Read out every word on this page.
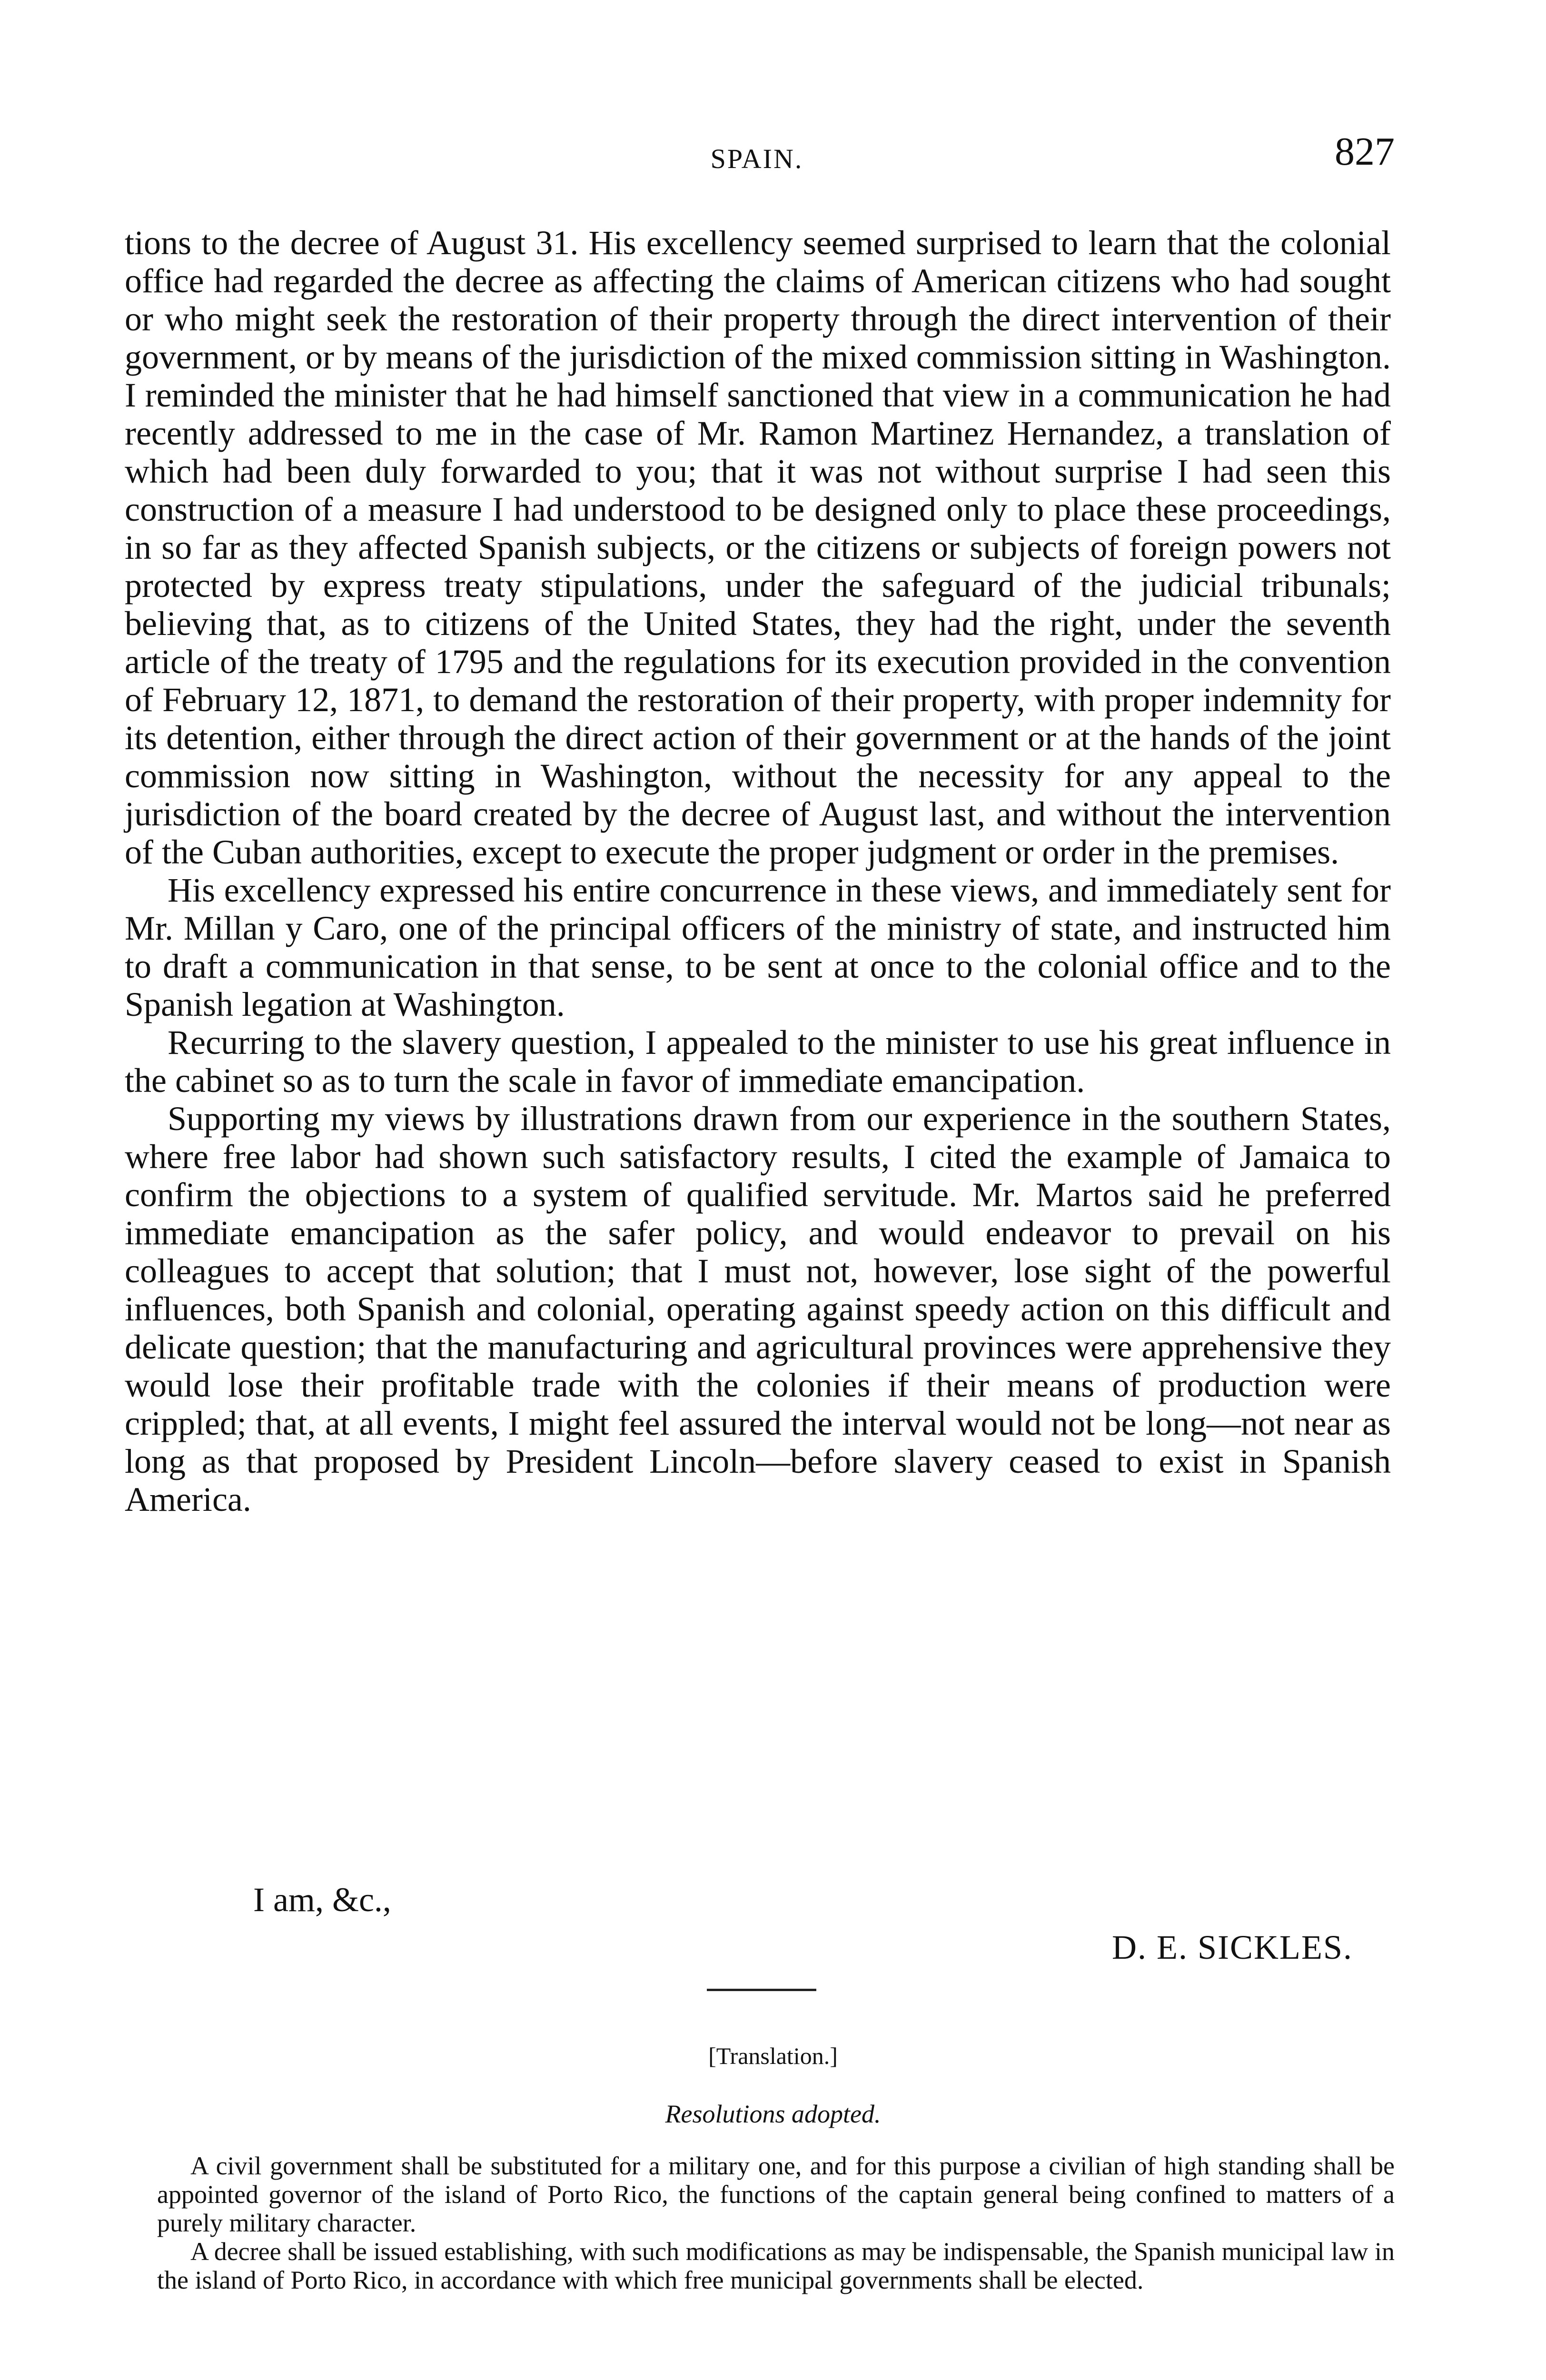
SPAIN.	827

tions to the decree of August 31. His excellency seemed surprised to learn that the colonial office had regarded the decree as affecting the claims of American citizens who had sought or who might seek the restoration of their property through the direct intervention of their government, or by means of the jurisdiction of the mixed commission sitting in Washington. I reminded the minister that he had himself sanctioned that view in a communication he had recently addressed to me in the case of Mr. Ramon Martinez Hernandez, a translation of which had been duly forwarded to you; that it was not without surprise I had seen this construction of a measure I had understood to be designed only to place these proceedings, in so far as they affected Spanish subjects, or the citizens or subjects of foreign powers not protected by express treaty stipulations, under the safeguard of the judicial tribunals; believing that, as to citizens of the United States, they had the right, under the seventh article of the treaty of 1795 and the regulations for its execution provided in the convention of February 12, 1871, to demand the restoration of their property, with proper indemnity for its detention, either through the direct action of their government or at the hands of the joint commission now sitting in Washington, without the necessity for any appeal to the jurisdiction of the board created by the decree of August last, and without the intervention of the Cuban authorities, except to execute the proper judgment or order in the premises.

His excellency expressed his entire concurrence in these views, and immediately sent for Mr. Millan y Caro, one of the principal officers of the ministry of state, and instructed him to draft a communication in that sense, to be sent at once to the colonial office and to the Spanish legation at Washington.

Recurring to the slavery question, I appealed to the minister to use his great influence in the cabinet so as to turn the scale in favor of immediate emancipation.

Supporting my views by illustrations drawn from our experience in the southern States, where free labor had shown such satisfactory results, I cited the example of Jamaica to confirm the objections to a system of qualified servitude. Mr. Martos said he preferred immediate emancipation as the safer policy, and would endeavor to prevail on his colleagues to accept that solution; that I must not, however, lose sight of the powerful influences, both Spanish and colonial, operating against speedy action on this difficult and delicate question; that the manufacturing and agricultural provinces were apprehensive they would lose their profitable trade with the colonies if their means of production were crippled; that, at all events, I might feel assured the interval would not be long—not near as long as that proposed by President Lincoln—before slavery ceased to exist in Spanish America.

I am, &c.,
D. E. SICKLES.
[Translation.]
Resolutions adopted.

A civil government shall be substituted for a military one, and for this purpose a civilian of high standing shall be appointed governor of the island of Porto Rico, the functions of the captain general being confined to matters of a purely military character.

A decree shall be issued establishing, with such modifications as may be indispensable, the Spanish municipal law in the island of Porto Rico, in accordance with which free municipal governments shall be elected.
